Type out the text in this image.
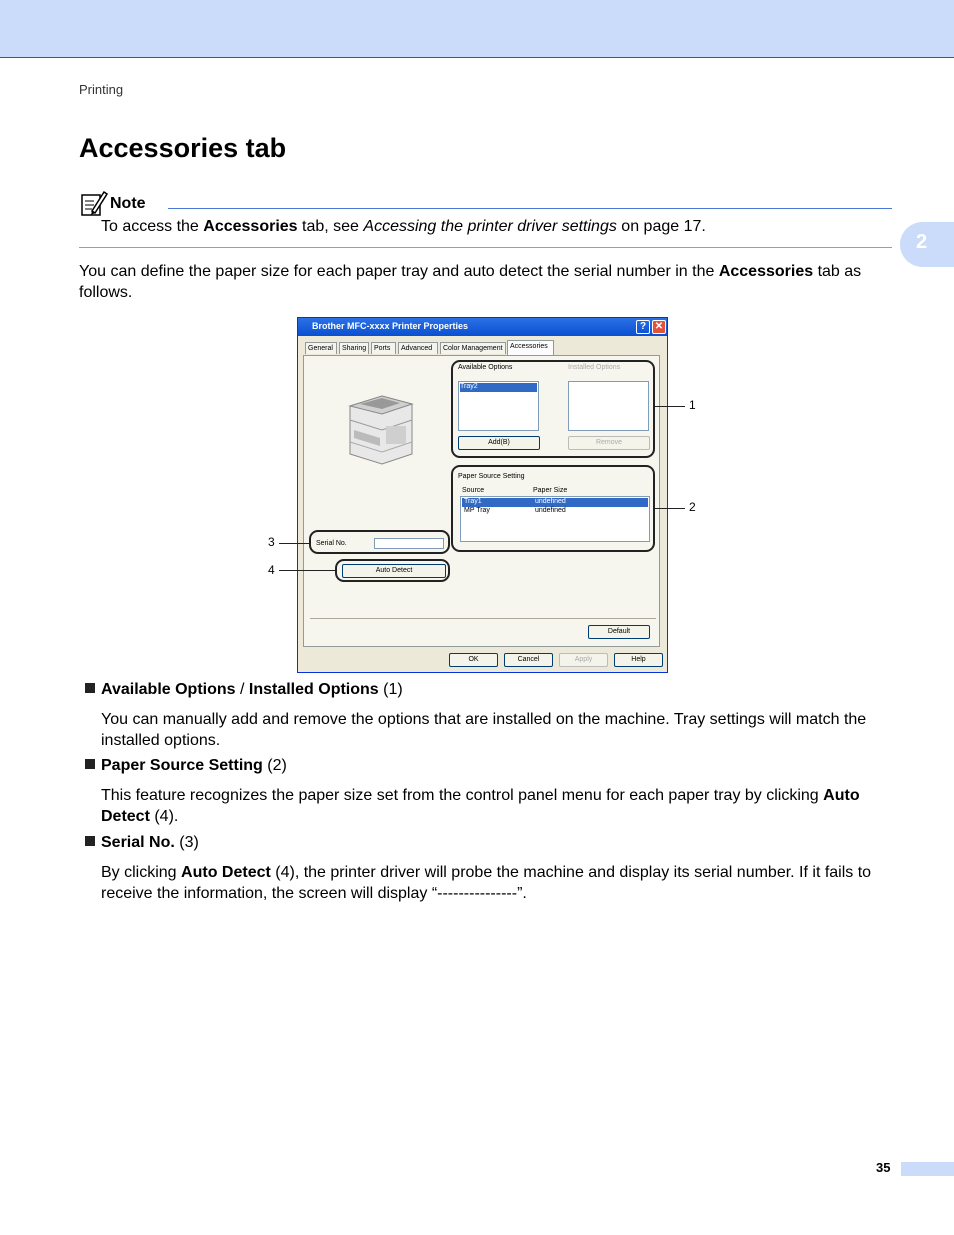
Printing
Accessories tab
2
Note
To access the Accessories tab, see Accessing the printer driver settings on page 17.
You can define the paper size for each paper tray and auto detect the serial number in the Accessories tab as follows.
Brother MFC-xxxx Printer Properties	? ✕
General	Sharing	Ports	Advanced	Color Management	Accessories
Available Options	Installed Options
Tray2
Add(B)	Remove
Paper Source Setting
Source	Paper Size
Tray1	undefined
MP Tray	undefined
Serial No.
Auto Detect
Default
OK	Cancel	Apply	Help
1
2
3
4
Available Options / Installed Options (1)
You can manually add and remove the options that are installed on the machine. Tray settings will match the installed options.
Paper Source Setting (2)
This feature recognizes the paper size set from the control panel menu for each paper tray by clicking Auto Detect (4).
Serial No. (3)
By clicking Auto Detect (4), the printer driver will probe the machine and display its serial number. If it fails to receive the information, the screen will display “---------------”.
35
